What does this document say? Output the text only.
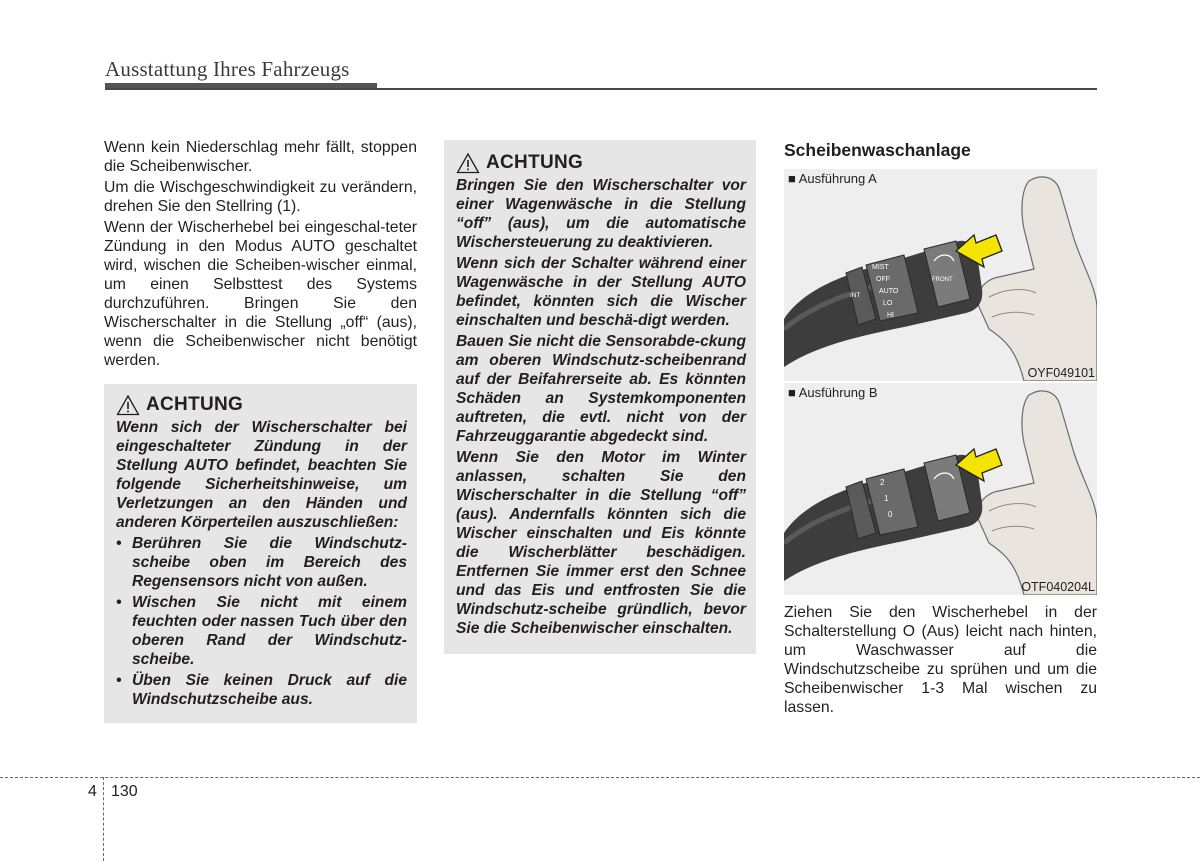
Ausstattung Ihres Fahrzeugs

Wenn kein Niederschlag mehr fällt, stoppen die Scheibenwischer.

Um die Wischgeschwindigkeit zu verändern, drehen Sie den Stellring (1).

Wenn der Wischerhebel bei eingeschal-teter Zündung in den Modus AUTO geschaltet wird, wischen die Scheiben-wischer einmal, um einen Selbsttest des Systems durchzuführen. Bringen Sie den Wischerschalter in die Stellung „off“ (aus), wenn die Scheibenwischer nicht benötigt werden.

ACHTUNG

Wenn sich der Wischerschalter bei eingeschalteter Zündung in der Stellung AUTO befindet, beachten Sie folgende Sicherheitshinweise, um Verletzungen an den Händen und anderen Körperteilen auszuschließen:

• Berühren Sie die Windschutz-scheibe oben im Bereich des Regensensors nicht von außen.
• Wischen Sie nicht mit einem feuchten oder nassen Tuch über den oberen Rand der Windschutz-scheibe.
• Üben Sie keinen Druck auf die Windschutzscheibe aus.
ACHTUNG

Bringen Sie den Wischerschalter vor einer Wagenwäsche in die Stellung “off” (aus), um die automatische Wischersteuerung zu deaktivieren.

Wenn sich der Schalter während einer Wagenwäsche in der Stellung AUTO befindet, könnten sich die Wischer einschalten und beschä-digt werden.

Bauen Sie nicht die Sensorabde-ckung am oberen Windschutz-scheibenrand auf der Beifahrerseite ab. Es könnten Schäden an Systemkomponenten auftreten, die evtl. nicht von der Fahrzeuggarantie abgedeckt sind.

Wenn Sie den Motor im Winter anlassen, schalten Sie den Wischerschalter in die Stellung “off” (aus). Andernfalls könnten sich die Wischer einschalten und Eis könnte die Wischerblätter beschädigen. Entfernen Sie immer erst den Schnee und das Eis und entfrosten Sie die Windschutz-scheibe gründlich, bevor Sie die Scheibenwischer einschalten.

Scheibenwaschanlage
MIST
OFF
AUTO
LO
HI
INT
FRONT
■ Ausführung A
OYF049101
2
1
0
■ Ausführung B
OTF040204L

Ziehen Sie den Wischerhebel in der Schalterstellung O (Aus) leicht nach hinten, um Waschwasser auf die Windschutzscheibe zu sprühen und um die Scheibenwischer 1-3 Mal wischen zu lassen.

4 130
